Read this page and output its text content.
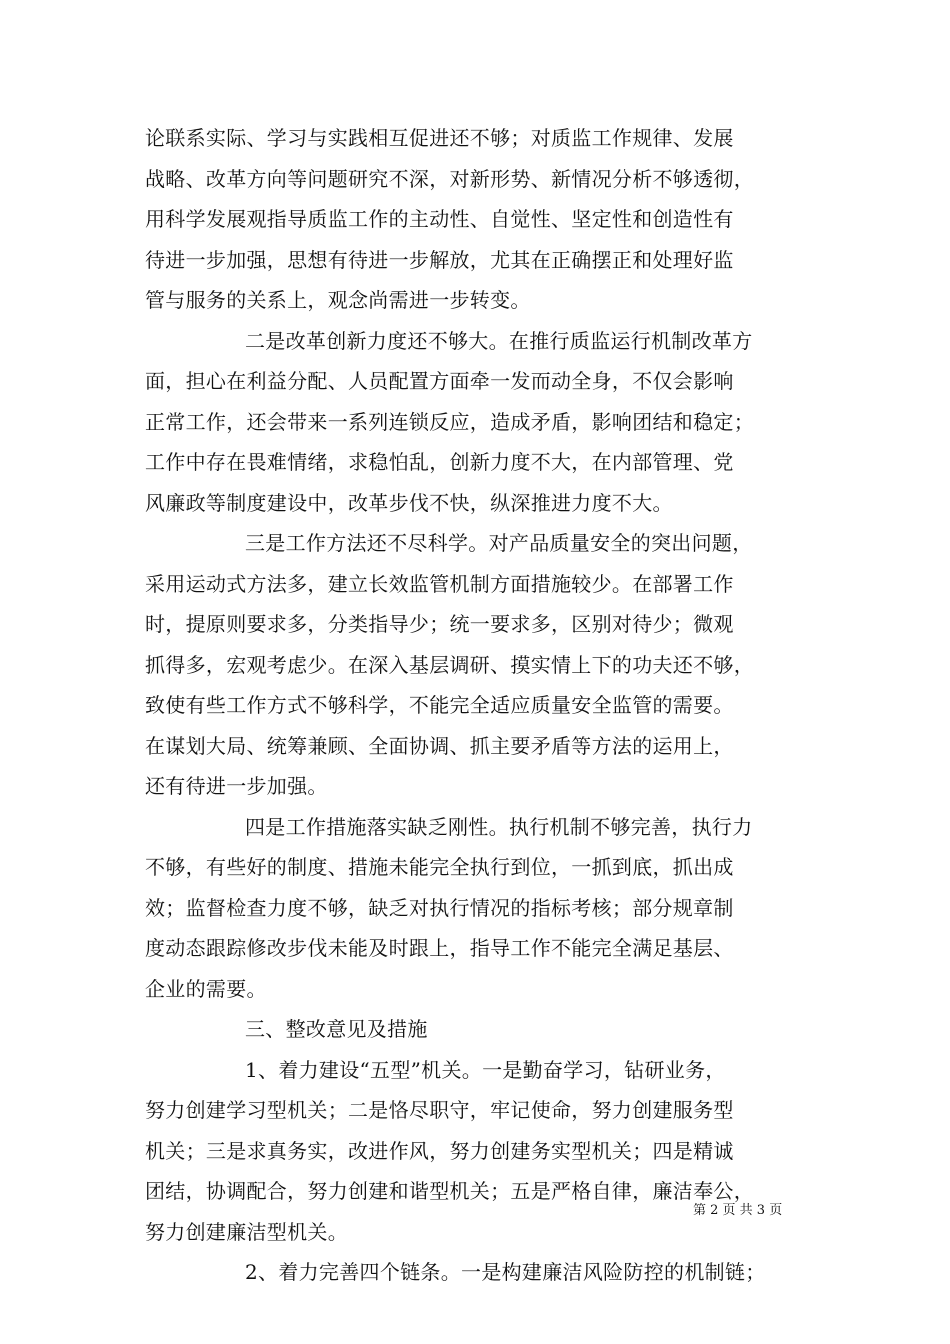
论联系实际、学习与实践相互促进还不够；对质监工作规律、发展
战略、改革方向等问题研究不深，对新形势、新情况分析不够透彻，
用科学发展观指导质监工作的主动性、自觉性、坚定性和创造性有
待进一步加强，思想有待进一步解放，尤其在正确摆正和处理好监
管与服务的关系上，观念尚需进一步转变。
二是改革创新力度还不够大。在推行质监运行机制改革方
面，担心在利益分配、人员配置方面牵一发而动全身，不仅会影响
正常工作，还会带来一系列连锁反应，造成矛盾，影响团结和稳定；
工作中存在畏难情绪，求稳怕乱，创新力度不大，在内部管理、党
风廉政等制度建设中，改革步伐不快，纵深推进力度不大。
三是工作方法还不尽科学。对产品质量安全的突出问题，
采用运动式方法多，建立长效监管机制方面措施较少。在部署工作
时，提原则要求多，分类指导少；统一要求多，区别对待少；微观
抓得多，宏观考虑少。在深入基层调研、摸实情上下的功夫还不够，
致使有些工作方式不够科学，不能完全适应质量安全监管的需要。
在谋划大局、统筹兼顾、全面协调、抓主要矛盾等方法的运用上，
还有待进一步加强。
四是工作措施落实缺乏刚性。执行机制不够完善，执行力
不够，有些好的制度、措施未能完全执行到位，一抓到底，抓出成
效；监督检查力度不够，缺乏对执行情况的指标考核；部分规章制
度动态跟踪修改步伐未能及时跟上，指导工作不能完全满足基层、
企业的需要。
三、整改意见及措施
1、着力建设“五型”机关。一是勤奋学习，钻研业务，
努力创建学习型机关；二是恪尽职守，牢记使命，努力创建服务型
机关；三是求真务实，改进作风，努力创建务实型机关；四是精诚
团结，协调配合，努力创建和谐型机关；五是严格自律，廉洁奉公，
努力创建廉洁型机关。
2、着力完善四个链条。一是构建廉洁风险防控的机制链；
第 2 页 共 3 页
